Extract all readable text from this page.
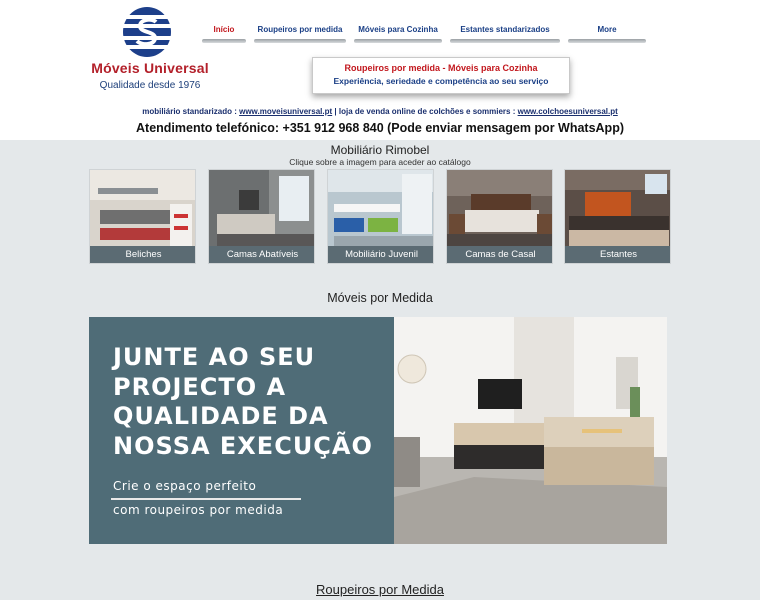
Móveis Universal
Qualidade desde 1976
Início	Roupeiros por medida	Móveis para Cozinha	Estantes standarizados	More
Roupeiros por medida - Móveis para Cozinha
Experiência, seriedade e competência ao seu serviço
mobiliário standarizado : www.moveisuniversal.pt | loja de venda online de colchões e sommiers : www.colchoesuniversal.pt
Atendimento telefónico: +351 912 968 840 (Pode enviar mensagem por WhatsApp)
Mobiliário Rimobel
Clique sobre a imagem para aceder ao catálogo
Beliches	Camas Abatíveis	Mobiliário Juvenil	Camas de Casal	Estantes
Móveis por Medida
JUNTE AO SEU
PROJECTO A
QUALIDADE DA
NOSSA EXECUÇÃO
Crie o espaço perfeito
com roupeiros por medida
Roupeiros por Medida
